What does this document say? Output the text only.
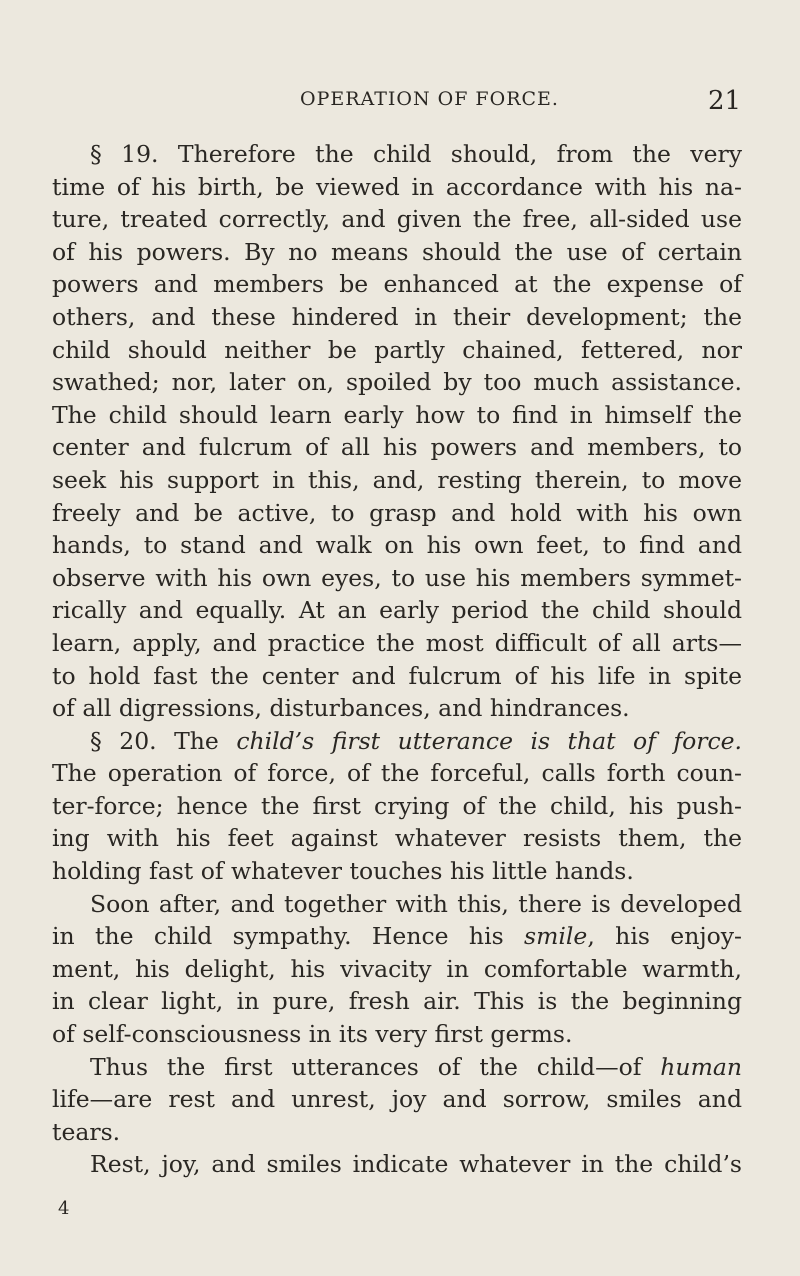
OPERATION OF FORCE.	21

§ 19. Therefore the child should, from the very
time of his birth, be viewed in accordance with his na-
ture, treated correctly, and given the free, all-sided use
of his powers. By no means should the use of certain
powers and members be enhanced at the expense of
others, and these hindered in their development; the
child should neither be partly chained, fettered, nor
swathed; nor, later on, spoiled by too much assistance.
The child should learn early how to find in himself the
center and fulcrum of all his powers and members, to
seek his support in this, and, resting therein, to move
freely and be active, to grasp and hold with his own
hands, to stand and walk on his own feet, to find and
observe with his own eyes, to use his members symmet-
rically and equally. At an early period the child should
learn, apply, and practice the most difficult of all arts—
to hold fast the center and fulcrum of his life in spite
of all digressions, disturbances, and hindrances.

§ 20. The child’s first utterance is that of force.
The operation of force, of the forceful, calls forth coun-
ter-force; hence the first crying of the child, his push-
ing with his feet against whatever resists them, the
holding fast of whatever touches his little hands.

Soon after, and together with this, there is developed
in the child sympathy. Hence his smile, his enjoy-
ment, his delight, his vivacity in comfortable warmth,
in clear light, in pure, fresh air. This is the beginning
of self-consciousness in its very first germs.

Thus the first utterances of the child—of human
life—are rest and unrest, joy and sorrow, smiles and
tears.

Rest, joy, and smiles indicate whatever in the child’s

4
